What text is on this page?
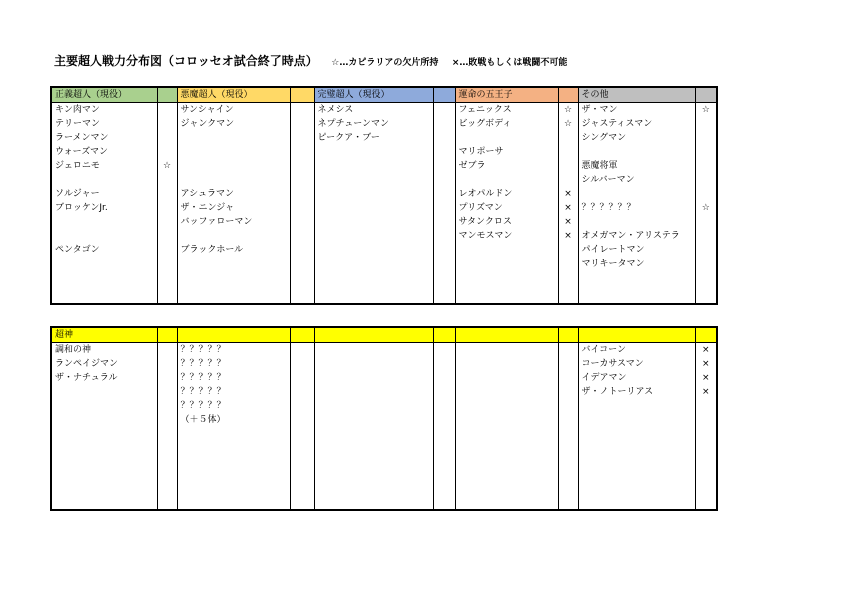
主要超人戦力分布図（コロッセオ試合終了時点） ☆…カピラリアの欠片所持 ×…敗戦もしくは戦闘不可能
正義超人（現役）		悪魔超人（現役）		完璧超人（現役）		運命の五王子		その他	
キン肉マン		サンシャイン		ネメシス		フェニックス	☆	ザ・マン	☆
テリーマン		ジャンクマン		ネプチューンマン		ビッグボディ	☆	ジャスティスマン	
ラーメンマン				ピークア・ブー				シングマン	
ウォーズマン						マリポーサ			
ジェロニモ	☆					ゼブラ		悪魔将軍	
								シルバーマン	
ソルジャー		アシュラマン				レオパルドン	×		
ブロッケンJr.		ザ・ニンジャ				プリズマン	×	？？？？？？	☆
		バッファローマン				サタンクロス	×		
						マンモスマン	×	オメガマン・アリステラ	
ペンタゴン		ブラックホール						パイレートマン	
								マリキータマン	

超神									
調和の神		？？？？？						バイコーン	×
ランペイジマン		？？？？？						コーカサスマン	×
ザ・ナチュラル		？？？？？						イデアマン	×
		？？？？？						ザ・ノトーリアス	×
		？？？？？							
		（＋５体）							
